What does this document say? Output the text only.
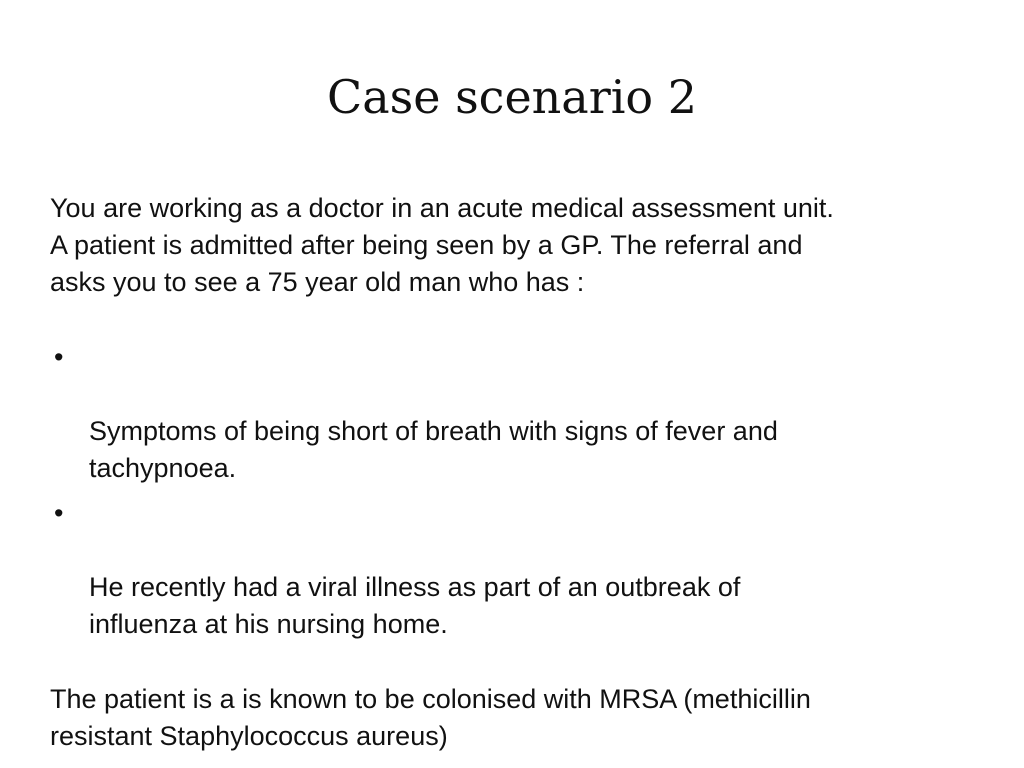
Case scenario 2

You are working as a doctor in an acute medical assessment unit.
A patient is admitted after being seen by a GP. The referral and
asks you to see a 75 year old man who has :

•

Symptoms of being short of breath with signs of fever and
tachypnoea.

•

He recently had a viral illness as part of an outbreak of
influenza at his nursing home.

The patient is a is known to be colonised with MRSA (methicillin
resistant Staphylococcus aureus)
